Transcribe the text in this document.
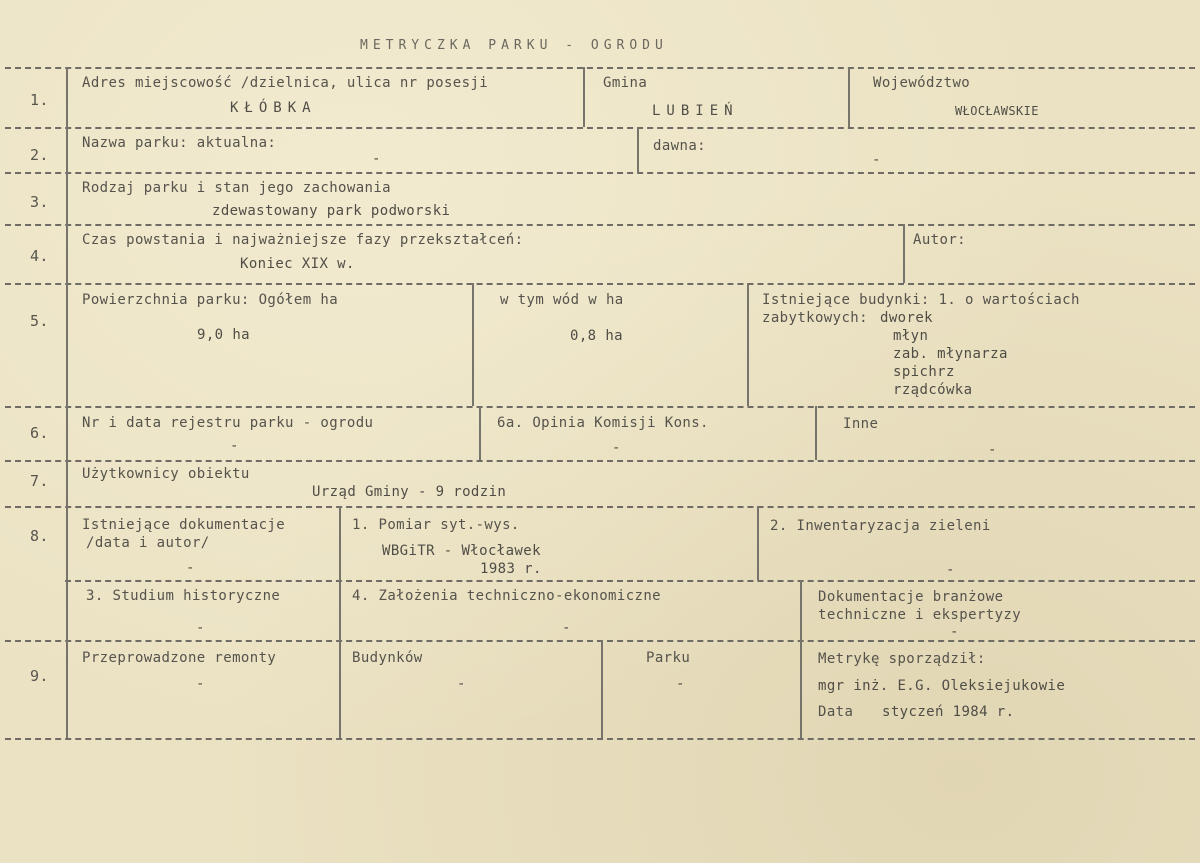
METRYCZKA PARKU - OGRODU
1.
2.
3.
4.
5.
6.
7.
8.
9.
Adres miejscowość /dzielnica, ulica nr posesji
KŁÓBKA
Gmina
LUBIEŃ
Województwo
WŁOCŁAWSKIE
Nazwa parku: aktualna:
-
dawna:
-
Rodzaj parku i stan jego zachowania
zdewastowany park podworski
Czas powstania i najważniejsze fazy przekształceń:
Koniec XIX w.
Autor:
Powierzchnia parku: Ogółem ha
9,0 ha
w tym wód w ha
0,8 ha
Istniejące budynki: 1. o wartościach
zabytkowych: dworek
młyn
zab. młynarza
spichrz
rządcówka
Nr i data rejestru parku - ogrodu
-
6a. Opinia Komisji Kons.
-
Inne
-
Użytkownicy obiektu
Urząd Gminy - 9 rodzin
Istniejące dokumentacje
/data i autor/
-
1. Pomiar syt.-wys.
WBGiTR - Włocławek
1983 r.
2. Inwentaryzacja zieleni
-
3. Studium historyczne
-
4. Założenia techniczno-ekonomiczne
-
Dokumentacje branżowe
techniczne i ekspertyzy
-
Przeprowadzone remonty
-
Budynków
-
Parku
-
Metrykę sporządził:
mgr inż. E.G. Oleksiejukowie
Data styczeń 1984 r.
